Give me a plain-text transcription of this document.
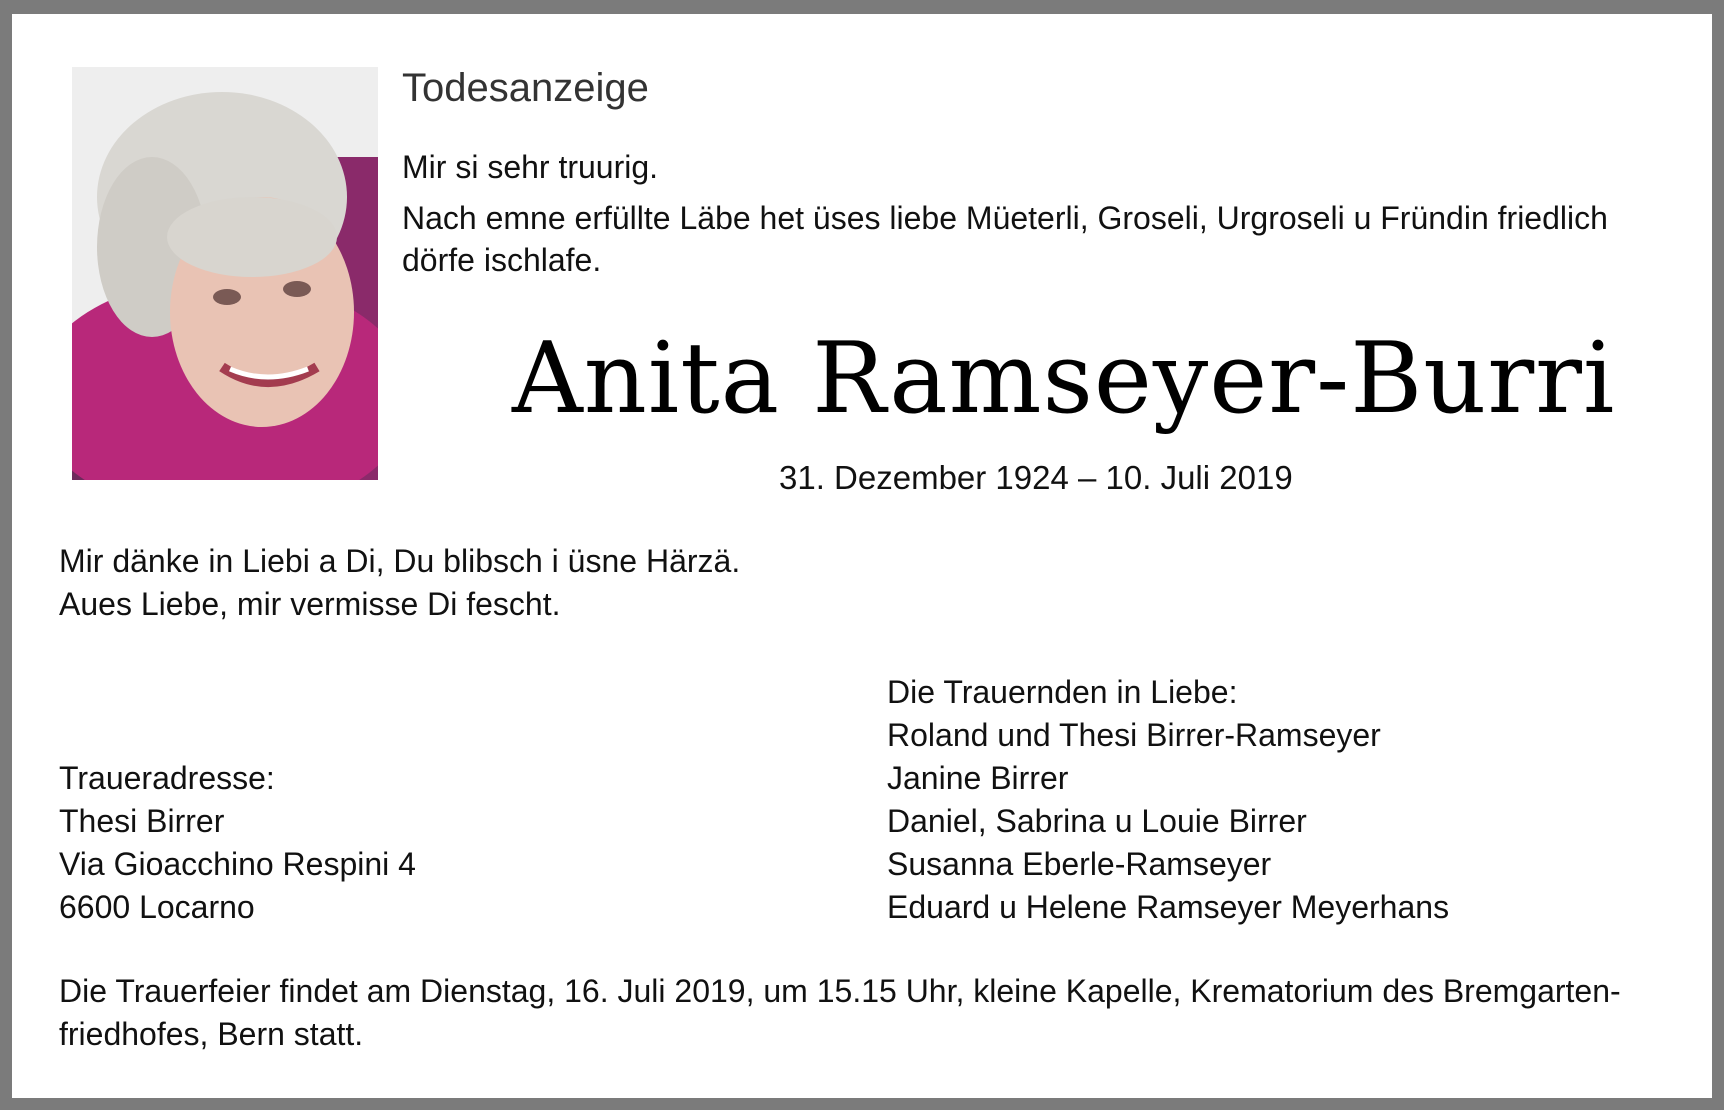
Todesanzeige
Mir si sehr truurig.
Nach emne erfüllte Läbe het üses liebe Müeterli, Groseli, Urgroseli u Fründin friedlich
dörfe ischlafe.
Anita Ramseyer-Burri
31. Dezember 1924 – 10. Juli 2019
Mir dänke in Liebi a Di, Du blibsch i üsne Härzä.
Aues Liebe, mir vermisse Di fescht.
Die Trauernden in Liebe:
Roland und Thesi Birrer-Ramseyer
Janine Birrer
Daniel, Sabrina u Louie Birrer
Susanna Eberle-Ramseyer
Eduard u Helene Ramseyer Meyerhans
Traueradresse:
Thesi Birrer
Via Gioacchino Respini 4
6600 Locarno
Die Trauerfeier findet am Dienstag, 16. Juli 2019, um 15.15 Uhr, kleine Kapelle, Krematorium des Bremgarten-
friedhofes, Bern statt.
